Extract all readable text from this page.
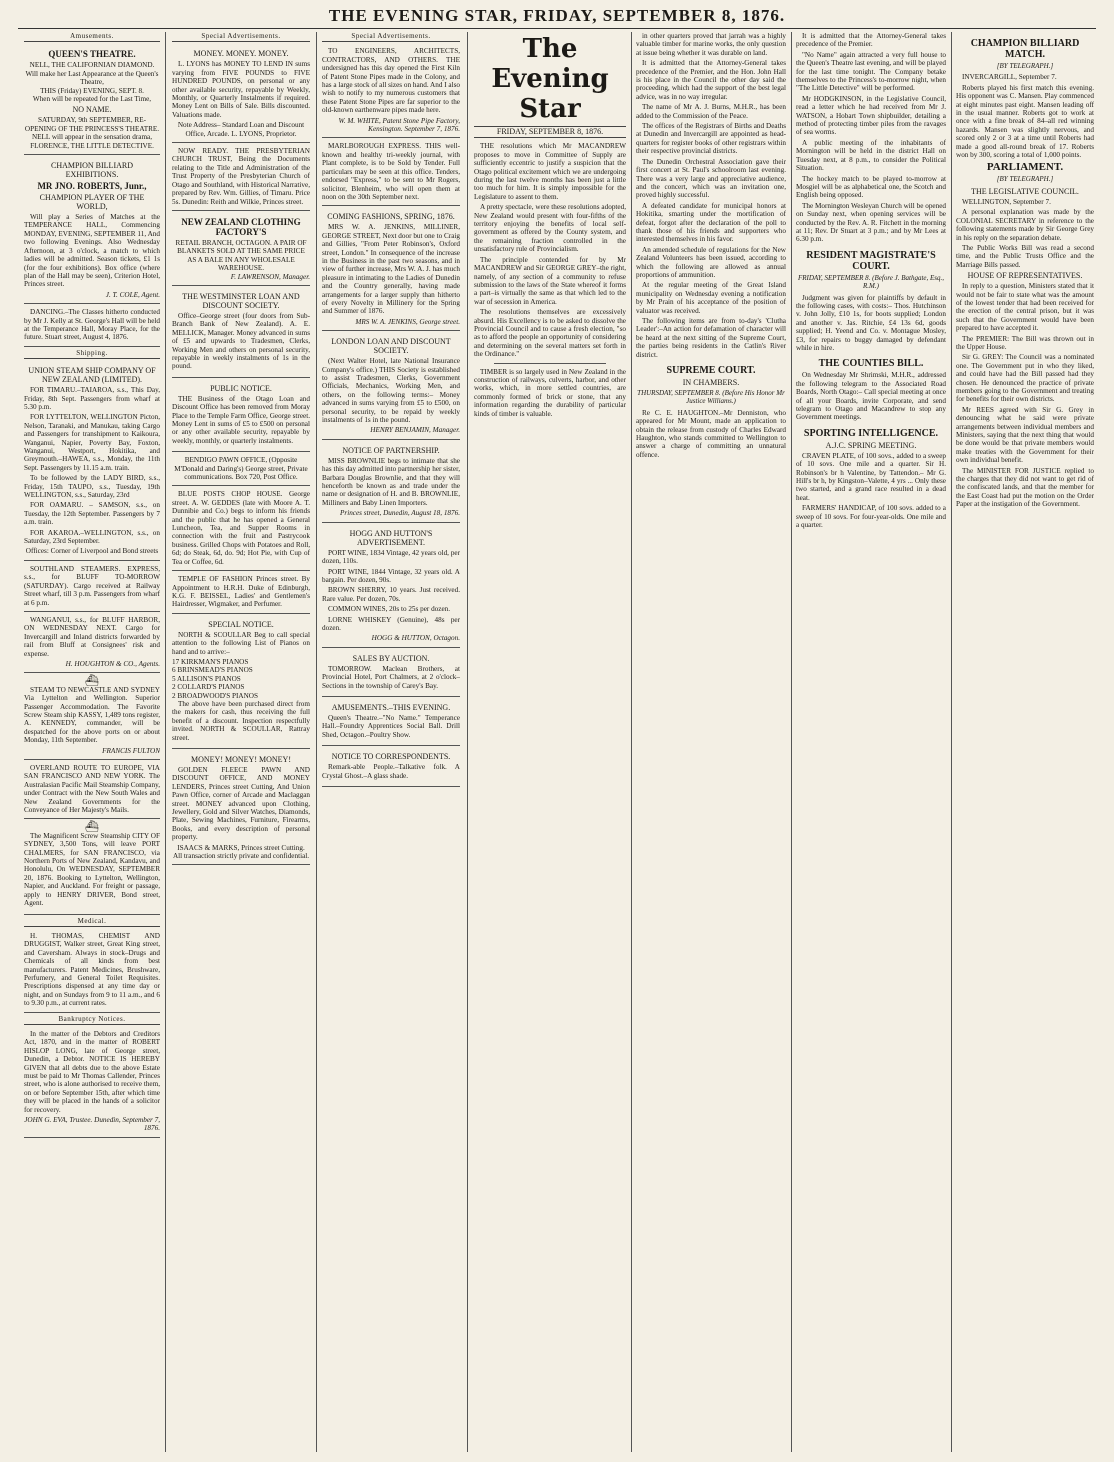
THE EVENING STAR, FRIDAY, SEPTEMBER 8, 1876.
Amusements.
QUEEN'S THEATRE.
NELL, THE CALIFORNIAN DIAMOND.
Will make her Last Appearance at the Queen's Theatre,
THIS (Friday) EVENING, SEPT. 8.
When will be repeated for the Last Time,
NO NAME.
SATURDAY, 9th SEPTEMBER, RE-OPENING OF THE PRINCESS'S THEATRE.
NELL will appear in the sensation drama, FLORENCE, THE LITTLE DETECTIVE.
CHAMPION BILLIARD EXHIBITIONS.
MR JNO. ROBERTS, Junr.,
CHAMPION PLAYER OF THE WORLD,
Will play a Series of Matches at the TEMPERANCE HALL, Commencing MONDAY, EVENING, SEPTEMBER 11, And two following Evenings. Also Wednesday Afternoon, at 3 o'clock, a match to which ladies will be admitted. Season tickets, £1 1s (for the four exhibitions). Box office (where plan of the Hall may be seen), Criterion Hotel, Princes street.
J. T. COLE, Agent.
DANCING.–The Classes hitherto conducted by Mr J. Kelly at St. George's Hall will be held at the Temperance Hall, Moray Place, for the future. Stuart street, August 4, 1876.
Shipping.
UNION STEAM SHIP COMPANY OF NEW ZEALAND (LIMITED).
FOR TIMARU.–TAIAROA, s.s., This Day, Friday, 8th Sept. Passengers from wharf at 5.30 p.m.
FOR LYTTELTON, WELLINGTON Picton, Nelson, Taranaki, and Manukau, taking Cargo and Passengers for transhipment to Kaikoura, Wanganui, Napier, Poverty Bay, Foxton, Wanganui, Westport, Hokitika, and Greymouth.–HAWEA, s.s., Monday, the 11th Sept. Passengers by 11.15 a.m. train.
To be followed by the LADY BIRD, s.s., Friday, 15th TAUPO, s.s., Tuesday, 19th WELLINGTON, s.s., Saturday, 23rd
FOR OAMARU. – SAMSON, s.s., on Tuesday, the 12th September. Passengers by 7 a.m. train.
FOR AKAROA.–WELLINGTON, s.s., on Saturday, 23rd September.
Offices: Corner of Liverpool and Bond streets
SOUTHLAND STEAMERS. EXPRESS, s.s., for BLUFF TO-MORROW (SATURDAY). Cargo received at Railway Street wharf, till 3 p.m. Passengers from wharf at 6 p.m.
WANGANUI, s.s., for BLUFF HARBOR, ON WEDNESDAY NEXT. Cargo for Invercargill and Inland districts forwarded by rail from Bluff at Consignees' risk and expense.
H. HOUGHTON & CO., Agents.
⛴
STEAM TO NEWCASTLE AND SYDNEY Via Lyttelton and Wellington. Superior Passenger Accommodation. The Favorite Screw Steam ship KASSY, 1,489 tons register, A. KENNEDY, commander, will be despatched for the above ports on or about Monday, 11th September.
FRANCIS FULTON
OVERLAND ROUTE TO EUROPE, VIA SAN FRANCISCO AND NEW YORK. The Australasian Pacific Mail Steamship Company, under Contract with the New South Wales and New Zealand Governments for the Conveyance of Her Majesty's Mails.
⛴
The Magnificent Screw Steamship CITY OF SYDNEY, 3,500 Tons, will leave PORT CHALMERS, for SAN FRANCISCO, via Northern Ports of New Zealand, Kandavu, and Honolulu, On WEDNESDAY, SEPTEMBER 20, 1876. Booking to Lyttelton, Wellington, Napier, and Auckland. For freight or passage, apply to HENRY DRIVER, Bond street, Agent.
Medical.
H. THOMAS, CHEMIST AND DRUGGIST, Walker street, Great King street, and Caversham. Always in stock–Drugs and Chemicals of all kinds from best manufacturers. Patent Medicines, Brushware, Perfumery, and General Toilet Requisites. Prescriptions dispensed at any time day or night, and on Sundays from 9 to 11 a.m., and 6 to 9.30 p.m., at current rates.
Bankruptcy Notices.
In the matter of the Debtors and Creditors Act, 1870, and in the matter of ROBERT HISLOP LONG, late of George street, Dunedin, a Debtor. NOTICE IS HEREBY GIVEN that all debts due to the above Estate must be paid to Mr Thomas Callender, Princes street, who is alone authorised to receive them, on or before September 15th, after which time they will be placed in the hands of a solicitor for recovery.
JOHN G. EVA, Trustee. Dunedin, September 7, 1876.
Special Advertisements.
MONEY. MONEY. MONEY.
L. LYONS has MONEY TO LEND IN sums varying from FIVE POUNDS to FIVE HUNDRED POUNDS, on personal or any other available security, repayable by Weekly, Monthly, or Quarterly Instalments if required. Money Lent on Bills of Sale. Bills discounted. Valuations made.
Note Address– Standard Loan and Discount Office, Arcade. L. LYONS, Proprietor.
NOW READY. THE PRESBYTERIAN CHURCH TRUST, Being the Documents relating to the Title and Administration of the Trust Property of the Presbyterian Church of Otago and Southland, with Historical Narrative, prepared by Rev. Wm. Gillies, of Timaru. Price 5s. Dunedin: Reith and Wilkie, Princes street.
NEW ZEALAND CLOTHING FACTORY'S
RETAIL BRANCH, OCTAGON. A PAIR OF BLANKETS SOLD AT THE SAME PRICE AS A BALE IN ANY WHOLESALE WAREHOUSE.
F. LAWRENSON, Manager.
THE WESTMINSTER LOAN AND DISCOUNT SOCIETY.
Office–George street (four doors from Sub-Branch Bank of New Zealand). A. E. MELLICK, Manager. Money advanced in sums of £5 and upwards to Tradesmen, Clerks, Working Men and others on personal security, repayable in weekly instalments of 1s in the pound.
PUBLIC NOTICE.
THE Business of the Otago Loan and Discount Office has been removed from Moray Place to the Temple Farm Office, George street. Money Lent in sums of £5 to £500 on personal or any other available security, repayable by weekly, monthly, or quarterly instalments.
BENDIGO PAWN OFFICE, (Opposite M'Donald and Daring's) George street, Private communications. Box 720, Post Office.
BLUE POSTS CHOP HOUSE. George street. A. W. GEDDES (late with Moore A. T. Dunnibie and Co.) begs to inform his friends and the public that he has opened a General Luncheon, Tea, and Supper Rooms in connection with the fruit and Pastrycook business. Grilled Chops with Potatoes and Roll, 6d; do Steak, 6d, do. 9d; Hot Pie, with Cup of Tea or Coffee, 6d.
TEMPLE OF FASHION Princes street. By Appointment to H.R.H. Duke of Edinburgh, K.G. F. BEISSEL, Ladies' and Gentlemen's Hairdresser, Wigmaker, and Perfumer.
SPECIAL NOTICE.
NORTH & SCOULLAR Beg to call special attention to the following List of Pianos on hand and to arrive:–
17 KIRKMAN'S PIANOS
6 BRINSMEAD'S PIANOS
5 ALLISON'S PIANOS
2 COLLARD'S PIANOS
2 BROADWOOD'S PIANOS
The above have been purchased direct from the makers for cash, thus receiving the full benefit of a discount. Inspection respectfully invited. NORTH & SCOULLAR, Rattray street.
MONEY! MONEY! MONEY!
GOLDEN FLEECE PAWN AND DISCOUNT OFFICE, AND MONEY LENDERS, Princes street Cutting, And Union Pawn Office, corner of Arcade and Maclaggan street. MONEY advanced upon Clothing, Jewellery, Gold and Silver Watches, Diamonds, Plate, Sewing Machines, Furniture, Firearms, Books, and every description of personal property.
ISAACS & MARKS, Princes street Cutting. All transaction strictly private and confidential.
Special Advertisements.
TO ENGINEERS, ARCHITECTS, CONTRACTORS, AND OTHERS. THE undersigned has this day opened the First Kiln of Patent Stone Pipes made in the Colony, and has a large stock of all sizes on hand. And I also wish to notify to my numerous customers that these Patent Stone Pipes are far superior to the old-known earthenware pipes made here.
W. M. WHITE, Patent Stone Pipe Factory, Kensington. September 7, 1876.
MARLBOROUGH EXPRESS. THIS well-known and healthy tri-weekly journal, with Plant complete, is to be Sold by Tender. Full particulars may be seen at this office. Tenders, endorsed "Express," to be sent to Mr Rogers, solicitor, Blenheim, who will open them at noon on the 30th September next.
COMING FASHIONS, SPRING, 1876.
MRS W. A. JENKINS, MILLINER, GEORGE STREET, Next door but one to Craig and Gillies, "From Peter Robinson's, Oxford street, London." In consequence of the increase in the Business in the past two seasons, and in view of further increase, Mrs W. A. J. has much pleasure in intimating to the Ladies of Dunedin and the Country generally, having made arrangements for a larger supply than hitherto of every Novelty in Millinery for the Spring and Summer of 1876.
MRS W. A. JENKINS, George street.
LONDON LOAN AND DISCOUNT SOCIETY.
(Next Walter Hotel, late National Insurance Company's office.) THIS Society is established to assist Tradesmen, Clerks, Government Officials, Mechanics, Working Men, and others, on the following terms:– Money advanced in sums varying from £5 to £500, on personal security, to be repaid by weekly instalments of 1s in the pound.
HENRY BENJAMIN, Manager.
NOTICE OF PARTNERSHIP.
MISS BROWNLIE begs to intimate that she has this day admitted into partnership her sister, Barbara Douglas Brownlie, and that they will henceforth be known as and trade under the name or designation of H. and B. BROWNLIE, Milliners and Baby Linen Importers.
Princes street, Dunedin, August 18, 1876.
HOGG AND HUTTON'S ADVERTISEMENT.
PORT WINE, 1834 Vintage, 42 years old, per dozen, 110s.
PORT WINE, 1844 Vintage, 32 years old. A bargain. Per dozen, 90s.
BROWN SHERRY, 10 years. Just received. Rare value. Per dozen, 70s.
COMMON WINES, 20s to 25s per dozen.
LORNE WHISKEY (Genuine), 48s per dozen.
HOGG & HUTTON, Octagon.
SALES BY AUCTION.
TOMORROW. Maclean Brothers, at Provincial Hotel, Port Chalmers, at 2 o'clock–Sections in the township of Carey's Bay.
AMUSEMENTS.–THIS EVENING.
Queen's Theatre.–"No Name." Temperance Hall.–Foundry Apprentices Social Ball. Drill Shed, Octagon.–Poultry Show.
NOTICE TO CORRESPONDENTS.
Remark-able People.–Talkative folk. A Crystal Ghost.–A glass shade.
The Evening Star
FRIDAY, SEPTEMBER 8, 1876.
THE resolutions which Mr MACANDREW proposes to move in Committee of Supply are sufficiently eccentric to justify a suspicion that the Otago political excitement which we are undergoing during the last twelve months has been just a little too much for him. It is simply impossible for the Legislature to assent to them.
A pretty spectacle, were these resolutions adopted, New Zealand would present with four-fifths of the territory enjoying the benefits of local self-government as offered by the County system, and the remaining fraction controlled in the unsatisfactory rule of Provincialism.
The principle contended for by Mr MACANDREW and Sir GEORGE GREY–the right, namely, of any section of a community to refuse submission to the laws of the State whereof it forms a part–is virtually the same as that which led to the war of secession in America.
The resolutions themselves are excessively absurd. His Excellency is to be asked to dissolve the Provincial Council and to cause a fresh election, "so as to afford the people an opportunity of considering and determining on the several matters set forth in the Ordinance."
TIMBER is so largely used in New Zealand in the construction of railways, culverts, harbor, and other works, which, in more settled countries, are commonly formed of brick or stone, that any information regarding the durability of particular kinds of timber is valuable.
in other quarters proved that jarrah was a highly valuable timber for marine works, the only question at issue being whether it was durable on land.
It is admitted that the Attorney-General takes precedence of the Premier, and the Hon. John Hall is his place in the Council the other day said the proceeding, which had the support of the best legal advice, was in no way irregular.
The name of Mr A. J. Burns, M.H.R., has been added to the Commission of the Peace.
The offices of the Registrars of Births and Deaths at Dunedin and Invercargill are appointed as head-quarters for register books of other registrars within their respective provincial districts.
The Dunedin Orchestral Association gave their first concert at St. Paul's schoolroom last evening. There was a very large and appreciative audience, and the concert, which was an invitation one, proved highly successful.
A defeated candidate for municipal honors at Hokitika, smarting under the mortification of defeat, forgot after the declaration of the poll to thank those of his friends and supporters who interested themselves in his favor.
An amended schedule of regulations for the New Zealand Volunteers has been issued, according to which the following are allowed as annual proportions of ammunition.
At the regular meeting of the Great Island municipality on Wednesday evening a notification by Mr Prain of his acceptance of the position of valuator was received.
The following items are from to-day's 'Clutha Leader':–An action for defamation of character will be heard at the next sitting of the Supreme Court, the parties being residents in the Catlin's River district.
SUPREME COURT.
IN CHAMBERS.
THURSDAY, SEPTEMBER 8. (Before His Honor Mr Justice Williams.)
Re C. E. HAUGHTON.–Mr Denniston, who appeared for Mr Mount, made an application to obtain the release from custody of Charles Edward Haughton, who stands committed to Wellington to answer a charge of committing an unnatural offence.
It is admitted that the Attorney-General takes precedence of the Premier.
"No Name" again attracted a very full house to the Queen's Theatre last evening, and will be played for the last time tonight. The Company betake themselves to the Princess's to-morrow night, when "The Little Detective" will be performed.
Mr HODGKINSON, in the Legislative Council, read a letter which he had received from Mr J. WATSON, a Hobart Town shipbuilder, detailing a method of protecting timber piles from the ravages of sea worms.
A public meeting of the inhabitants of Mornington will be held in the district Hall on Tuesday next, at 8 p.m., to consider the Political Situation.
The hockey match to be played to-morrow at Mosgiel will be as alphabetical one, the Scotch and English being opposed.
The Mornington Wesleyan Church will be opened on Sunday next, when opening services will be conducted by the Rev. A. R. Fitchett in the morning at 11; Rev. Dr Stuart at 3 p.m.; and by Mr Lees at 6.30 p.m.
RESIDENT MAGISTRATE'S COURT.
FRIDAY, SEPTEMBER 8. (Before J. Bathgate, Esq., R.M.)
Judgment was given for plaintiffs by default in the following cases, with costs:– Thos. Hutchinson v. John Jolly, £10 1s, for boots supplied; London and another v. Jas. Ritchie, £4 13s 6d, goods supplied; H. Yeend and Co. v. Montague Mosley, £3, for repairs to buggy damaged by defendant while in hire.
THE COUNTIES BILL.
On Wednesday Mr Shrimski, M.H.R., addressed the following telegram to the Associated Road Boards, North Otago:– Call special meeting at once of all your Boards, invite Corporate, and send telegram to Otago and Macandrew to stop any Government meetings.
SPORTING INTELLIGENCE.
A.J.C. SPRING MEETING.
CRAVEN PLATE, of 100 sovs., added to a sweep of 10 sovs. One mile and a quarter. Sir H. Robinson's br h Valentine, by Tattendon.– Mr G. Hill's br h, by Kingston–Valette, 4 yrs ... Only these two started, and a grand race resulted in a dead heat.
FARMERS' HANDICAP, of 100 sovs. added to a sweep of 10 sovs. For four-year-olds. One mile and a quarter.
CHAMPION BILLIARD MATCH.
[BY TELEGRAPH.]
INVERCARGILL, September 7.
Roberts played his first match this evening. His opponent was C. Mansen. Play commenced at eight minutes past eight. Mansen leading off in the usual manner. Roberts got to work at once with a fine break of 84–all red winning hazards. Mansen was slightly nervous, and scored only 2 or 3 at a time until Roberts had made a good all-round break of 17. Roberts won by 300, scoring a total of 1,000 points.
PARLIAMENT.
[BY TELEGRAPH.]
THE LEGISLATIVE COUNCIL.
WELLINGTON, September 7.
A personal explanation was made by the COLONIAL SECRETARY in reference to the following statements made by Sir George Grey in his reply on the separation debate.
The Public Works Bill was read a second time, and the Public Trusts Office and the Marriage Bills passed.
HOUSE OF REPRESENTATIVES.
In reply to a question, Ministers stated that it would not be fair to state what was the amount of the lowest tender that had been received for the erection of the central prison, but it was such that the Government would have been prepared to have accepted it.
The PREMIER: The Bill was thrown out in the Upper House.
Sir G. GREY: The Council was a nominated one. The Government put in who they liked, and could have had the Bill passed had they chosen. He denounced the practice of private members going to the Government and treating for benefits for their own districts.
Mr REES agreed with Sir G. Grey in denouncing what he said were private arrangements between individual members and Ministers, saying that the next thing that would be done would be that private members would make treaties with the Government for their own individual benefit.
The MINISTER FOR JUSTICE replied to the charges that they did not want to get rid of the confiscated lands, and that the member for the East Coast had put the motion on the Order Paper at the instigation of the Government.
